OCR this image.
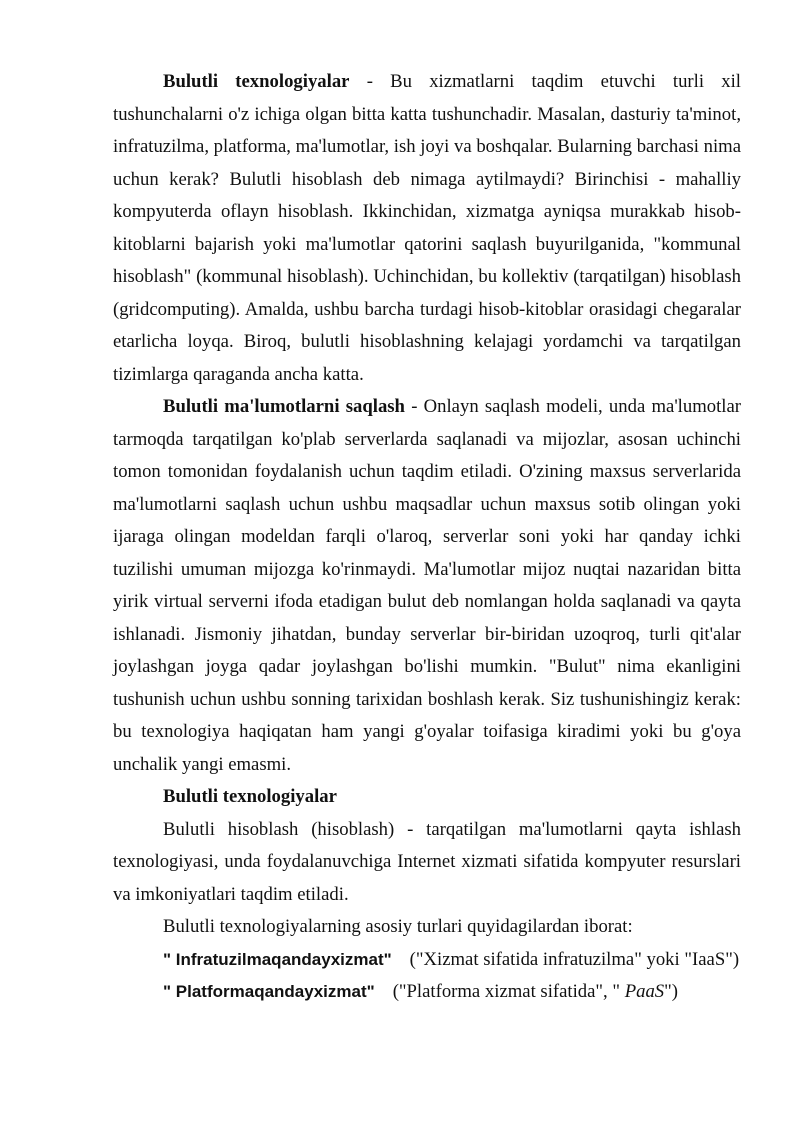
Bulutli texnologiyalar - Bu xizmatlarni taqdim etuvchi turli xil tushunchalarni o'z ichiga olgan bitta katta tushunchadir. Masalan, dasturiy ta'minot, infratuzilma, platforma, ma'lumotlar, ish joyi va boshqalar. Bularning barchasi nima uchun kerak? Bulutli hisoblash deb nimaga aytilmaydi? Birinchisi - mahalliy kompyuterda oflayn hisoblash. Ikkinchidan, xizmatga ayniqsa murakkab hisob-kitoblarni bajarish yoki ma'lumotlar qatorini saqlash buyurilganida, "kommunal hisoblash" (kommunal hisoblash). Uchinchidan, bu kollektiv (tarqatilgan) hisoblash (gridcomputing). Amalda, ushbu barcha turdagi hisob-kitoblar orasidagi chegaralar etarlicha loyqa. Biroq, bulutli hisoblashning kelajagi yordamchi va tarqatilgan tizimlarga qaraganda ancha katta.

Bulutli ma'lumotlarni saqlash - Onlayn saqlash modeli, unda ma'lumotlar tarmoqda tarqatilgan ko'plab serverlarda saqlanadi va mijozlar, asosan uchinchi tomon tomonidan foydalanish uchun taqdim etiladi. O'zining maxsus serverlarida ma'lumotlarni saqlash uchun ushbu maqsadlar uchun maxsus sotib olingan yoki ijaraga olingan modeldan farqli o'laroq, serverlar soni yoki har qanday ichki tuzilishi umuman mijozga ko'rinmaydi. Ma'lumotlar mijoz nuqtai nazaridan bitta yirik virtual serverni ifoda etadigan bulut deb nomlangan holda saqlanadi va qayta ishlanadi. Jismoniy jihatdan, bunday serverlar bir-biridan uzoqroq, turli qit'alar joylashgan joyga qadar joylashgan bo'lishi mumkin. "Bulut" nima ekanligini tushunish uchun ushbu sonning tarixidan boshlash kerak. Siz tushunishingiz kerak: bu texnologiya haqiqatan ham yangi g'oyalar toifasiga kiradimi yoki bu g'oya unchalik yangi emasmi.

Bulutli texnologiyalar

Bulutli hisoblash (hisoblash) - tarqatilgan ma'lumotlarni qayta ishlash texnologiyasi, unda foydalanuvchiga Internet xizmati sifatida kompyuter resurslari va imkoniyatlari taqdim etiladi.

Bulutli texnologiyalarning asosiy turlari quyidagilardan iborat:

" Infratuzilmaqandayxizmat" ("Xizmat sifatida infratuzilma" yoki "IaaS")

" Platformaqandayxizmat" ("Platforma xizmat sifatida", " PaaS")
